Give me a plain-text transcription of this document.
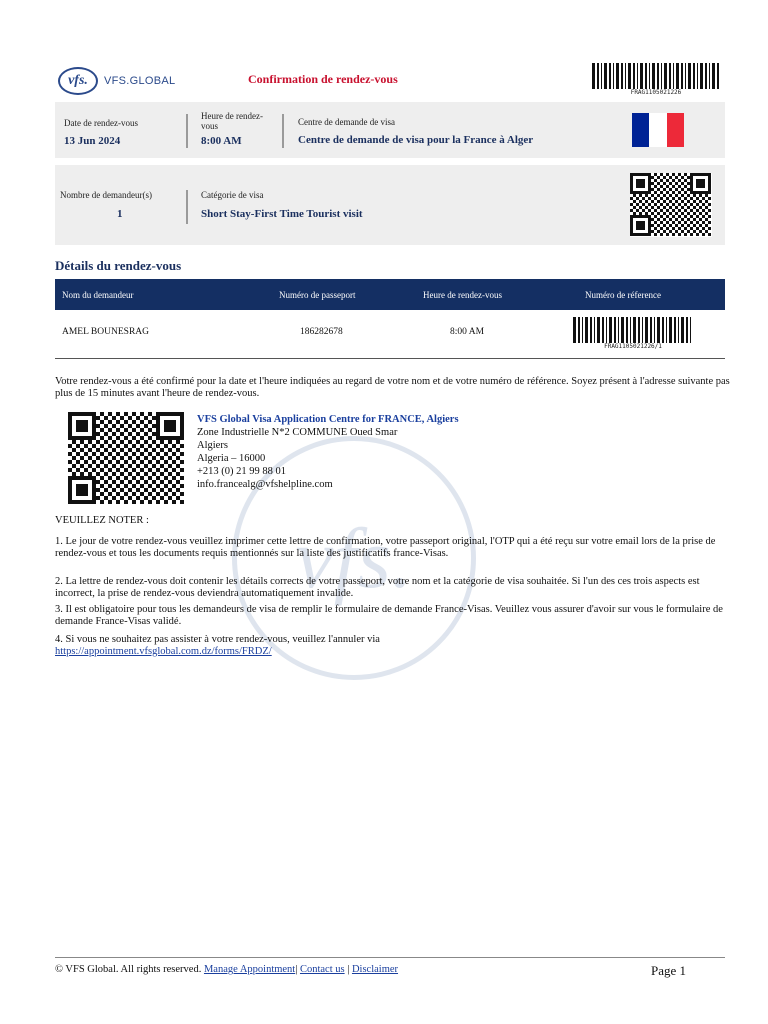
vfs.
vfs.	VFS.GLOBAL	Confirmation de rendez-vous
FRAG1105021226
Date de rendez-vous
13 Jun 2024
Heure de rendez-vous
8:00 AM
Centre de demande de visa
Centre de demande de visa pour la France à Alger
Nombre de demandeur(s)
1
Catégorie de visa
Short Stay-First Time Tourist visit
Détails du rendez-vous
Nom du demandeur	Numéro de passeport	Heure de rendez-vous	Numéro de réference
AMEL BOUNESRAG	186282678	8:00 AM
FRAG1105021226/1
Votre rendez-vous a été confirmé pour la date et l'heure indiquées au regard de votre nom et de votre numéro de référence. Soyez présent à l'adresse suivante pas plus de 15 minutes avant l'heure de rendez-vous.
VFS Global Visa Application Centre for FRANCE, Algiers
Zone Industrielle N*2 COMMUNE Oued Smar
Algiers
Algeria – 16000
+213 (0) 21 99 88 01
info.francealg@vfshelpline.com
VEUILLEZ NOTER :
1. Le jour de votre rendez-vous veuillez imprimer cette lettre de confirmation, votre passeport original, l'OTP qui a été reçu sur votre email lors de la prise de rendez-vous et tous les documents requis mentionnés sur la liste des justificatifs france-Visas.
2. La lettre de rendez-vous doit contenir les détails corrects de votre passeport, votre nom et la catégorie de visa souhaitée. Si l'un des ces trois aspects est incorrect, la prise de rendez-vous deviendra automatiquement invalide.
3. Il est obligatoire pour tous les demandeurs de visa de remplir le formulaire de demande France-Visas. Veuillez vous assurer d'avoir sur vous le formulaire de demande France-Visas validé.
4. Si vous ne souhaitez pas assister à votre rendez-vous, veuillez l'annuler via
https://appointment.vfsglobal.com.dz/forms/FRDZ/
© VFS Global. All rights reserved. Manage Appointment| Contact us | Disclaimer	Page 1
